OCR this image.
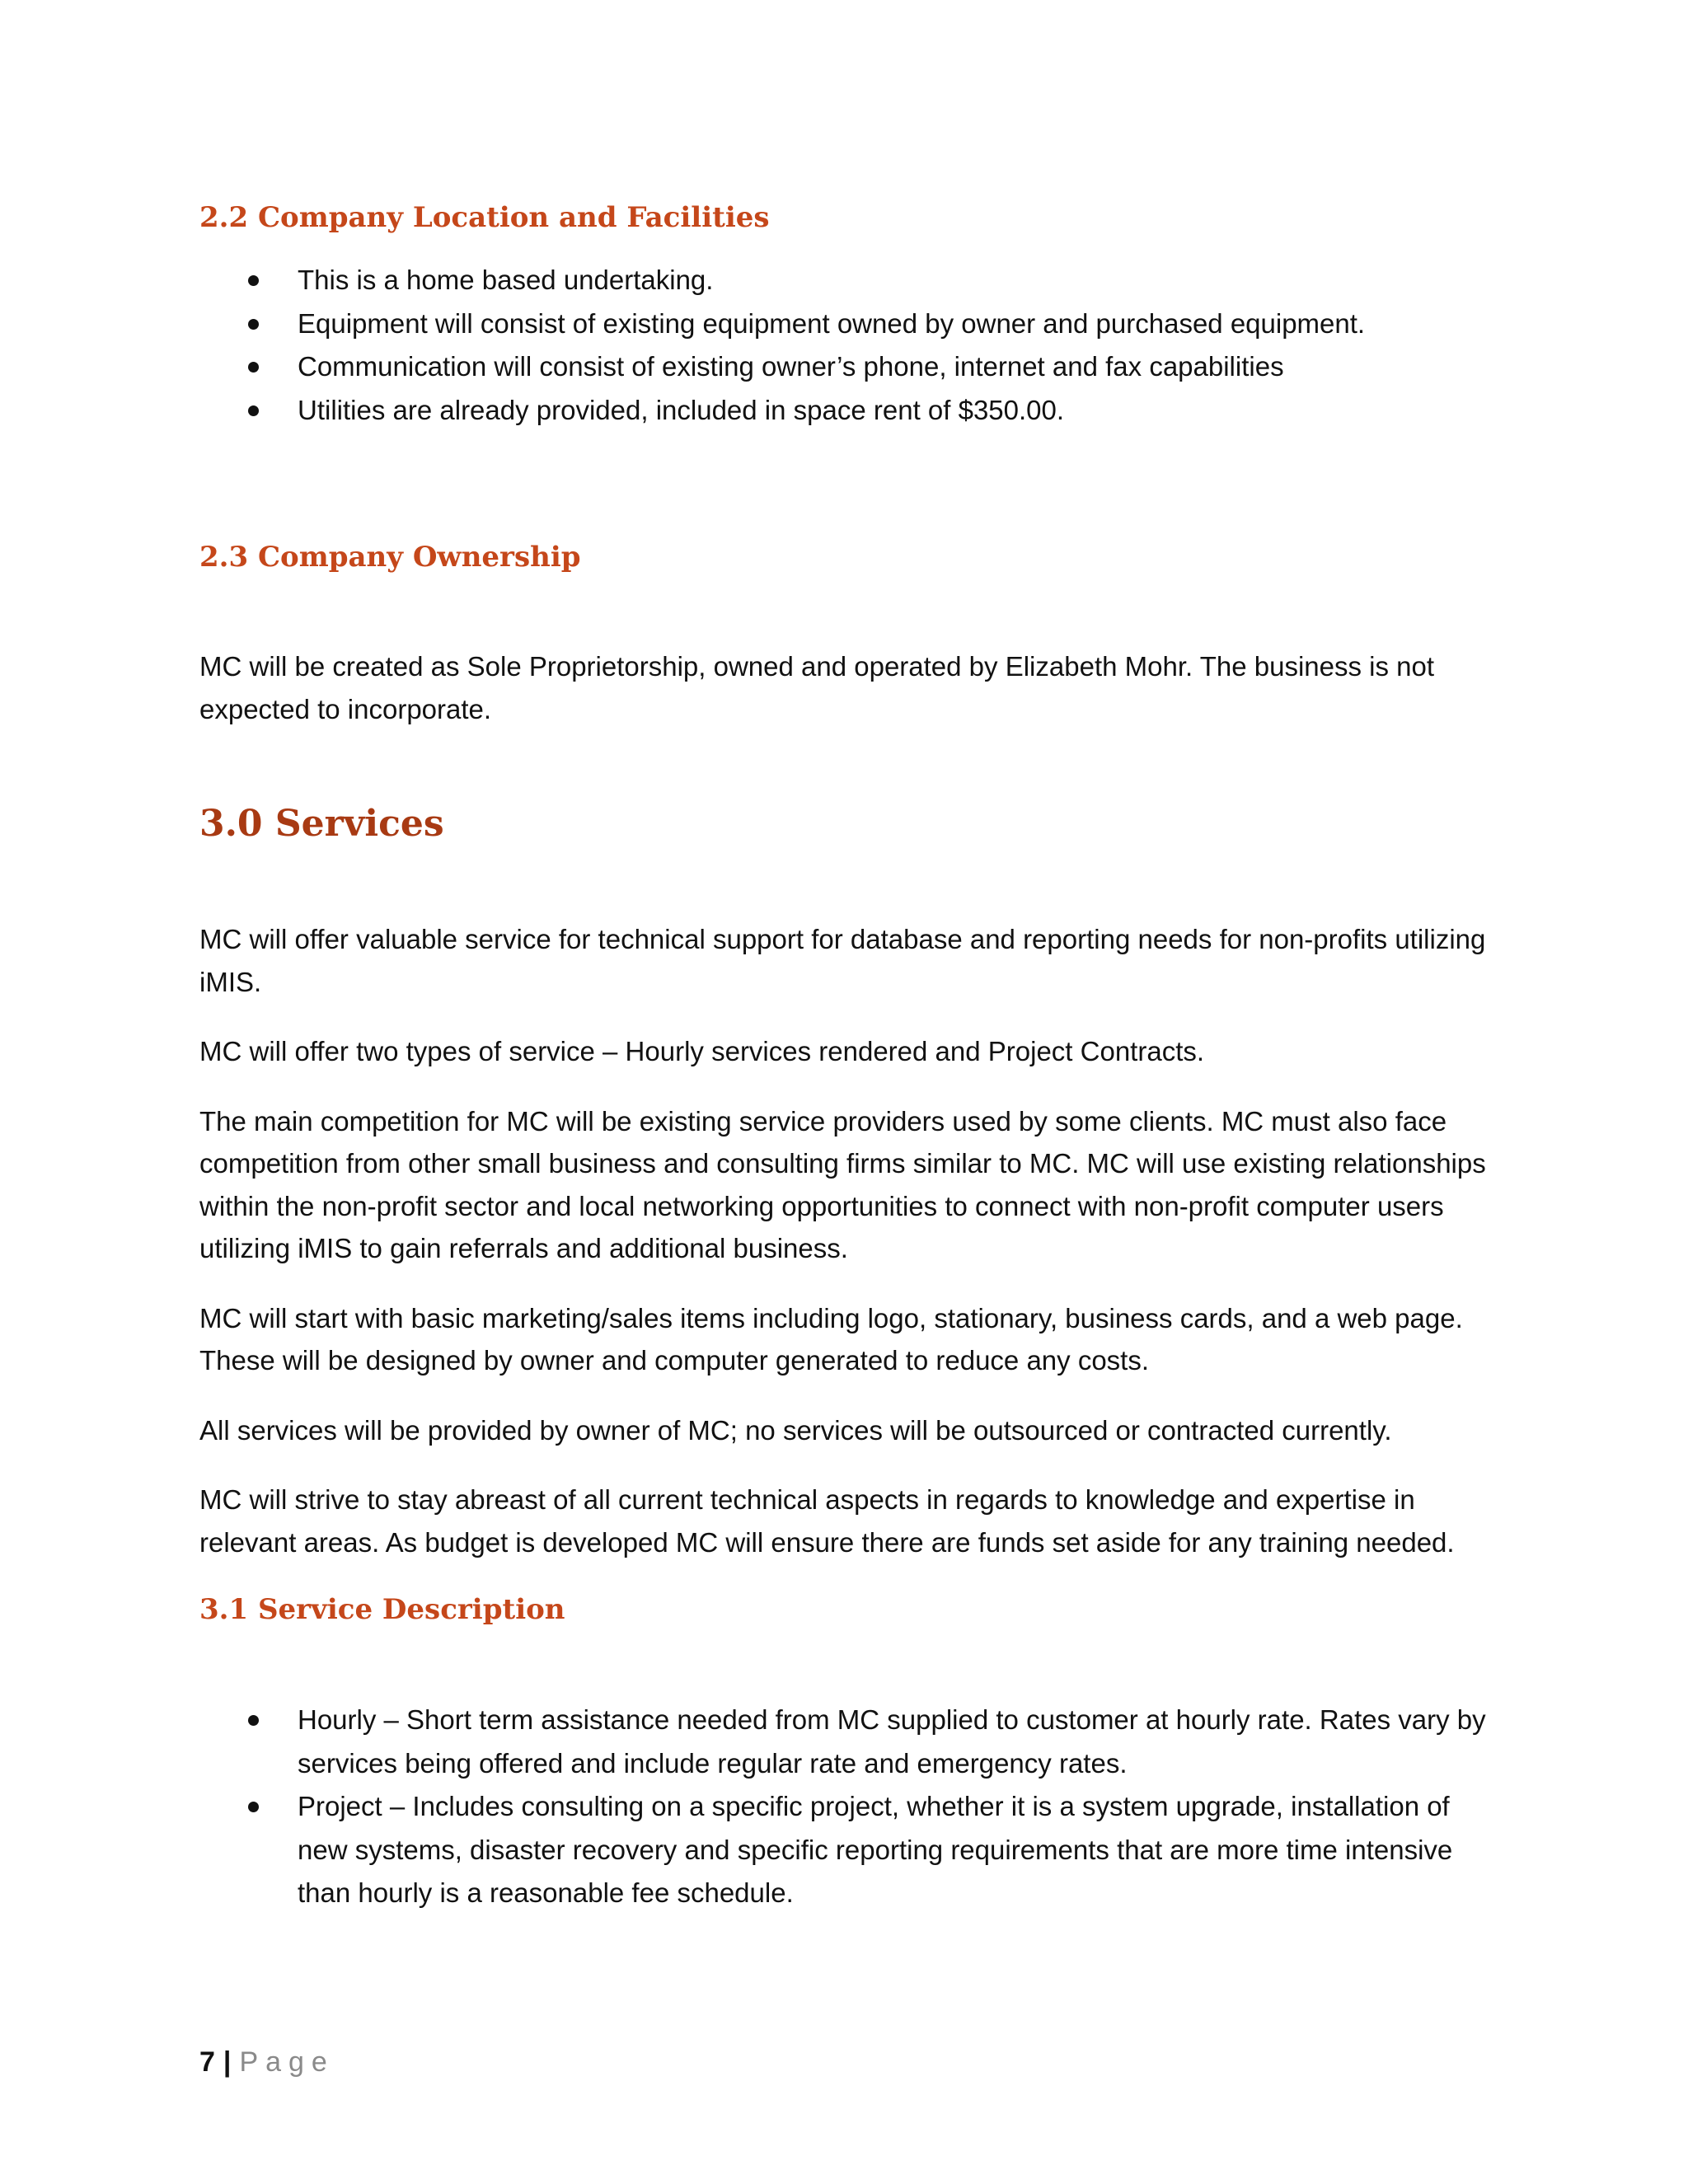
2.2 Company Location and Facilities
This is a home based undertaking.
Equipment will consist of existing equipment owned by owner and purchased equipment.
Communication will consist of existing owner’s phone, internet and fax capabilities
Utilities are already provided, included in space rent of $350.00.
2.3 Company Ownership

MC will be created as Sole Proprietorship, owned and operated by Elizabeth Mohr. The business is not expected to incorporate.

3.0 Services

MC will offer valuable service for technical support for database and reporting needs for non-profits utilizing iMIS.

MC will offer two types of service – Hourly services rendered and Project Contracts.

The main competition for MC will be existing service providers used by some clients. MC must also face competition from other small business and consulting firms similar to MC. MC will use existing relationships within the non-profit sector and local networking opportunities to connect with non-profit computer users utilizing iMIS to gain referrals and additional business.

MC will start with basic marketing/sales items including logo, stationary, business cards, and a web page. These will be designed by owner and computer generated to reduce any costs.

All services will be provided by owner of MC; no services will be outsourced or contracted currently.

MC will strive to stay abreast of all current technical aspects in regards to knowledge and expertise in relevant areas. As budget is developed MC will ensure there are funds set aside for any training needed.

3.1 Service Description
Hourly – Short term assistance needed from MC supplied to customer at hourly rate. Rates vary by services being offered and include regular rate and emergency rates.
Project – Includes consulting on a specific project, whether it is a system upgrade, installation of new systems, disaster recovery and specific reporting requirements that are more time intensive than hourly is a reasonable fee schedule.
7 | Page
